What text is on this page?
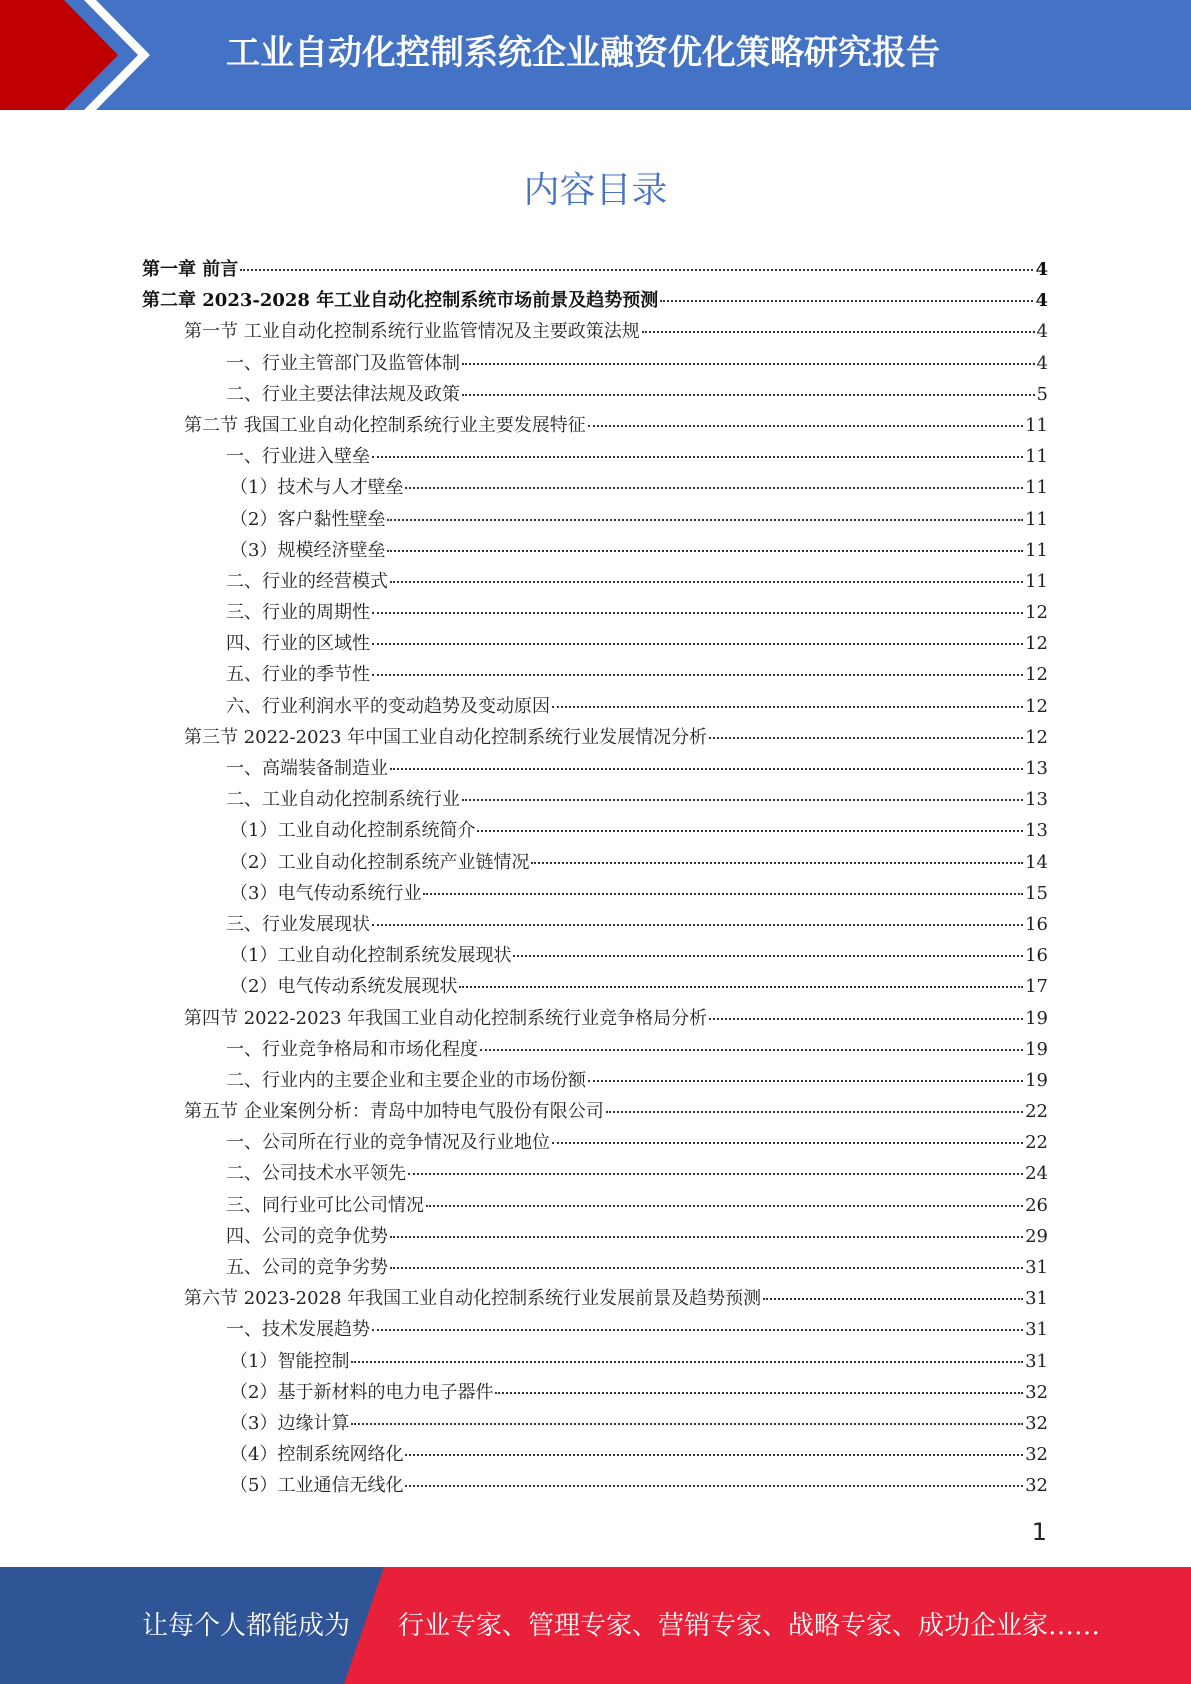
工业自动化控制系统企业融资优化策略研究报告
内容目录
第一章 前言	4
第二章 2023-2028 年工业自动化控制系统市场前景及趋势预测	4
第一节 工业自动化控制系统行业监管情况及主要政策法规	4
一、行业主管部门及监管体制	4
二、行业主要法律法规及政策	5
第二节 我国工业自动化控制系统行业主要发展特征	11
一、行业进入壁垒	11
（1）技术与人才壁垒	11
（2）客户黏性壁垒	11
（3）规模经济壁垒	11
二、行业的经营模式	11
三、行业的周期性	12
四、行业的区域性	12
五、行业的季节性	12
六、行业利润水平的变动趋势及变动原因	12
第三节 2022-2023 年中国工业自动化控制系统行业发展情况分析	12
一、高端装备制造业	13
二、工业自动化控制系统行业	13
（1）工业自动化控制系统简介	13
（2）工业自动化控制系统产业链情况	14
（3）电气传动系统行业	15
三、行业发展现状	16
（1）工业自动化控制系统发展现状	16
（2）电气传动系统发展现状	17
第四节 2022-2023 年我国工业自动化控制系统行业竞争格局分析	19
一、行业竞争格局和市场化程度	19
二、行业内的主要企业和主要企业的市场份额	19
第五节 企业案例分析：青岛中加特电气股份有限公司	22
一、公司所在行业的竞争情况及行业地位	22
二、公司技术水平领先	24
三、同行业可比公司情况	26
四、公司的竞争优势	29
五、公司的竞争劣势	31
第六节 2023-2028 年我国工业自动化控制系统行业发展前景及趋势预测	31
一、技术发展趋势	31
（1）智能控制	31
（2）基于新材料的电力电子器件	32
（3）边缘计算	32
（4）控制系统网络化	32
（5）工业通信无线化	32
1
让每个人都能成为 行业专家、管理专家、营销专家、战略专家、成功企业家……
